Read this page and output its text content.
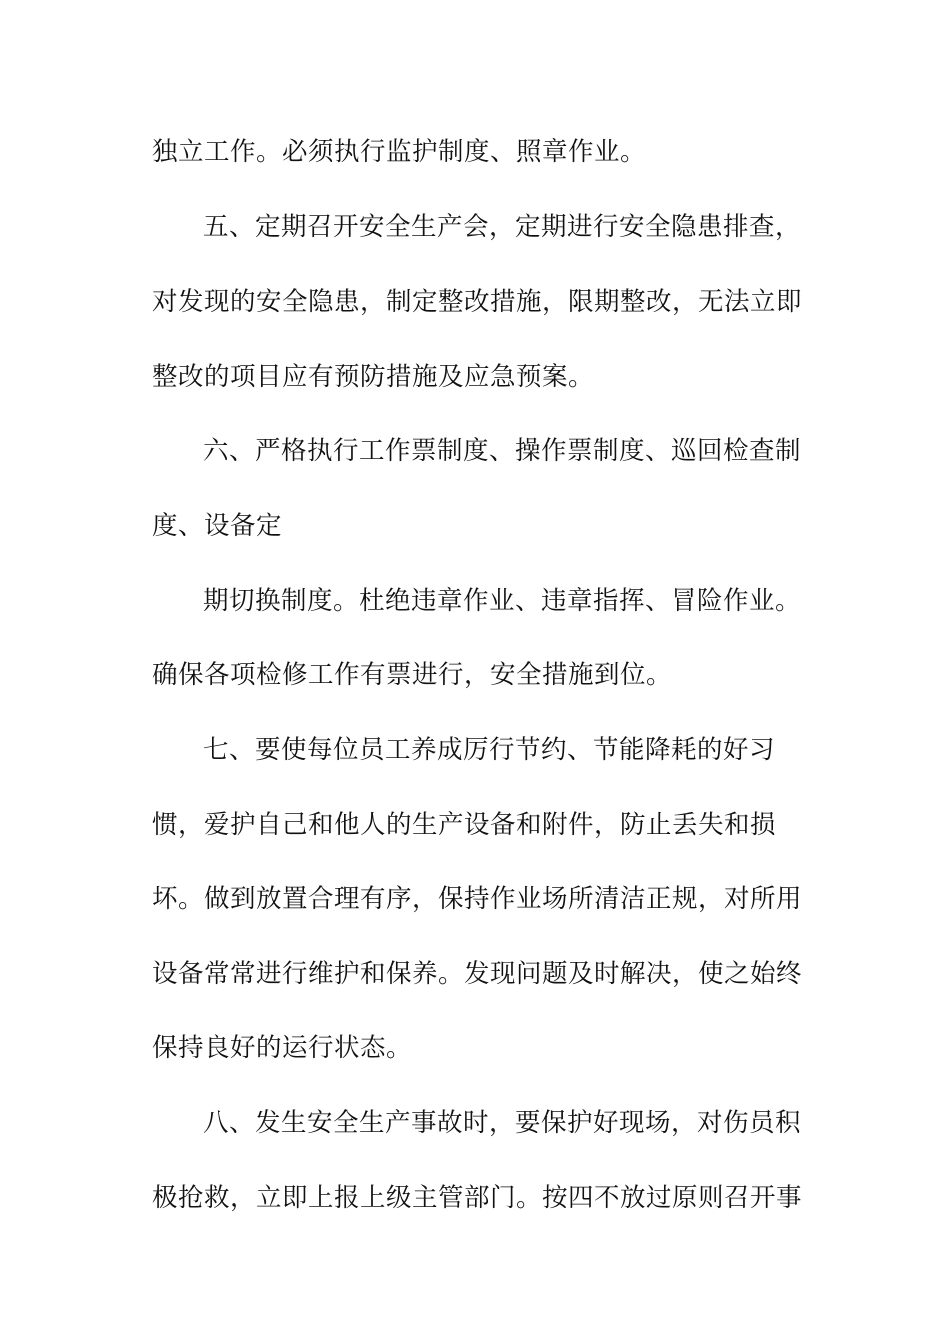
独立工作。必须执行监护制度、照章作业。
五、定期召开安全生产会，定期进行安全隐患排查，
对发现的安全隐患，制定整改措施，限期整改，无法立即
整改的项目应有预防措施及应急预案。
六、严格执行工作票制度、操作票制度、巡回检查制
度、设备定
期切换制度。杜绝违章作业、违章指挥、冒险作业。
确保各项检修工作有票进行，安全措施到位。
七、要使每位员工养成厉行节约、节能降耗的好习
惯，爱护自己和他人的生产设备和附件，防止丢失和损
坏。做到放置合理有序，保持作业场所清洁正规，对所用
设备常常进行维护和保养。发现问题及时解决，使之始终
保持良好的运行状态。
八、发生安全生产事故时，要保护好现场，对伤员积
极抢救，立即上报上级主管部门。按四不放过原则召开事
